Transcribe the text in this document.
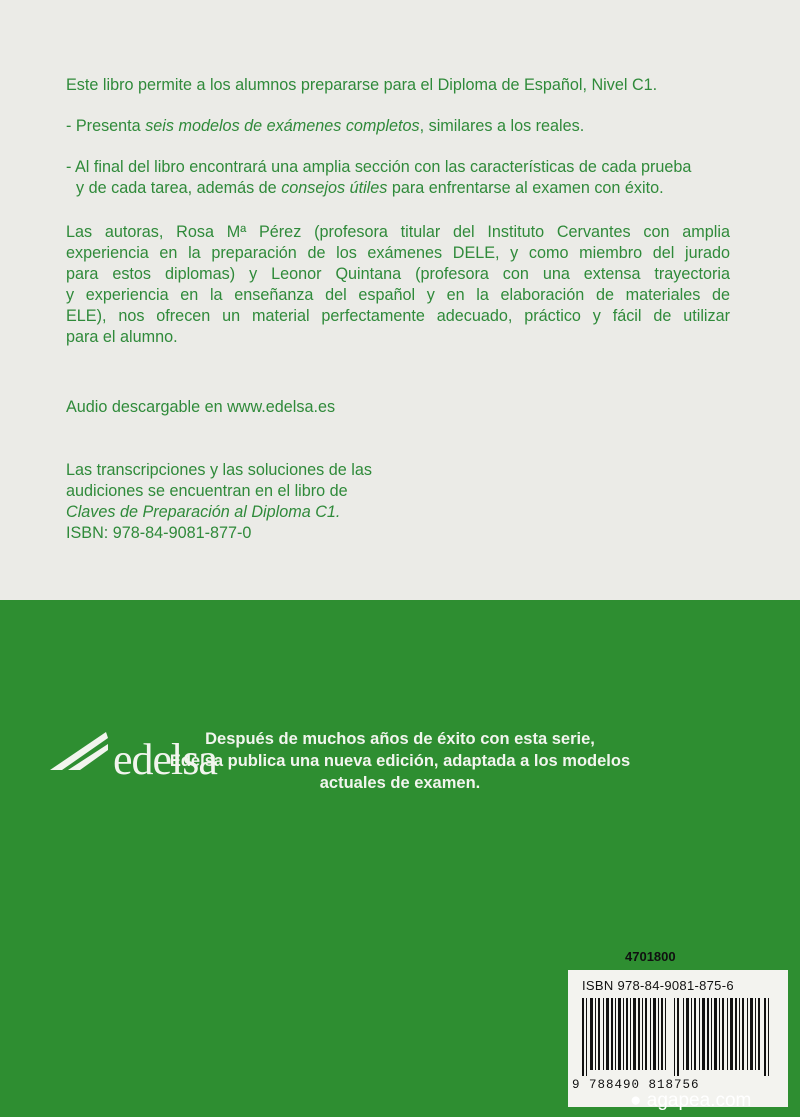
Este libro permite a los alumnos prepararse para el Diploma de Español, Nivel C1.
- Presenta seis modelos de exámenes completos, similares a los reales.
- Al final del libro encontrará una amplia sección con las características de cada prueba
y de cada tarea, además de consejos útiles para enfrentarse al examen con éxito.
Las autoras, Rosa Mª Pérez (profesora titular del Instituto Cervantes con amplia
experiencia en la preparación de los exámenes DELE, y como miembro del jurado
para estos diplomas) y Leonor Quintana (profesora con una extensa trayectoria
y experiencia en la enseñanza del español y en la elaboración de materiales de
ELE), nos ofrecen un material perfectamente adecuado, práctico y fácil de utilizar
para el alumno.
Audio descargable en www.edelsa.es
Las transcripciones y las soluciones de las
audiciones se encuentran en el libro de
Claves de Preparación al Diploma C1.
ISBN: 978-84-9081-877-0
Después de muchos años de éxito con esta serie,
Edelsa publica una nueva edición, adaptada a los modelos
actuales de examen.
4701800
ISBN 978-84-9081-875-6
9 788490 818756
edelsa
● agapea.com
